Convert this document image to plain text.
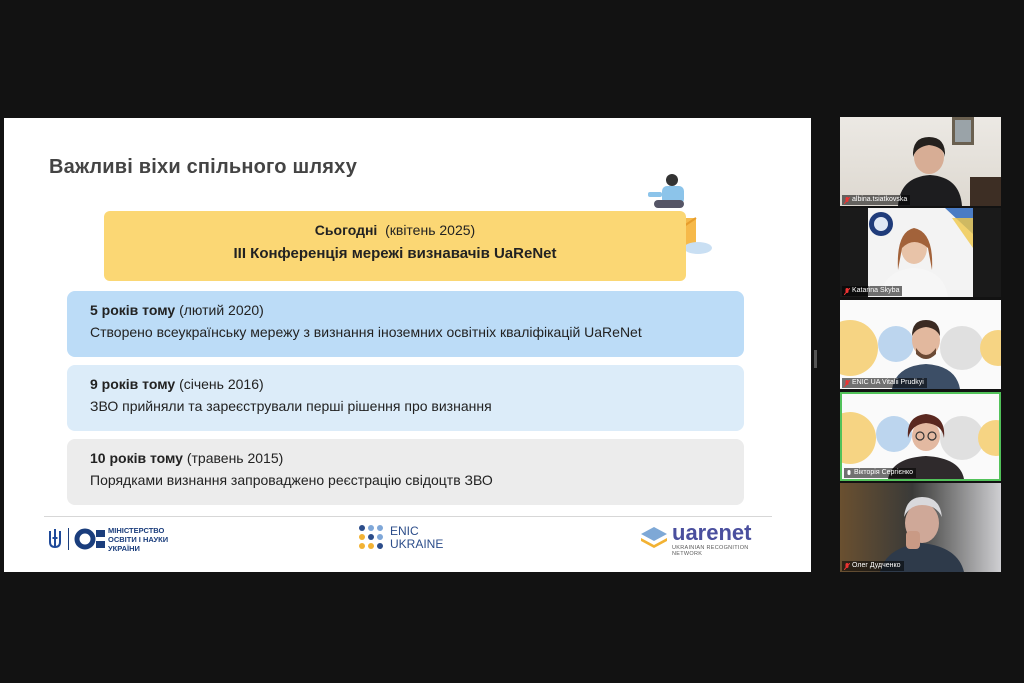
Важливі віхи спільного шляху
Сьогодні (квітень 2025)
ІІІ Конференція мережі визнавачів UaReNet
5 років тому (лютий 2020)
Створено всеукраїнську мережу з визнання іноземних освітніх кваліфікацій UaReNet
9 років тому (січень 2016)
ЗВО прийняли та зареєстрували перші рішення про визнання
10 років тому (травень 2015)
Порядками визнання запроваджено реєстрацію свідоцтв ЗВО
МІНІСТЕРСТВО ОСВІТИ І НАУКИ УКРАЇНИ
ENIC
UKRAINE	uarenet
UKRAINIAN RECOGNITION NETWORK
albina.tsiatkovska
Katarina Skyba
ENIC UA Vitalii Prudkyi
Вікторія Сергієнко
Олег Дудченко
